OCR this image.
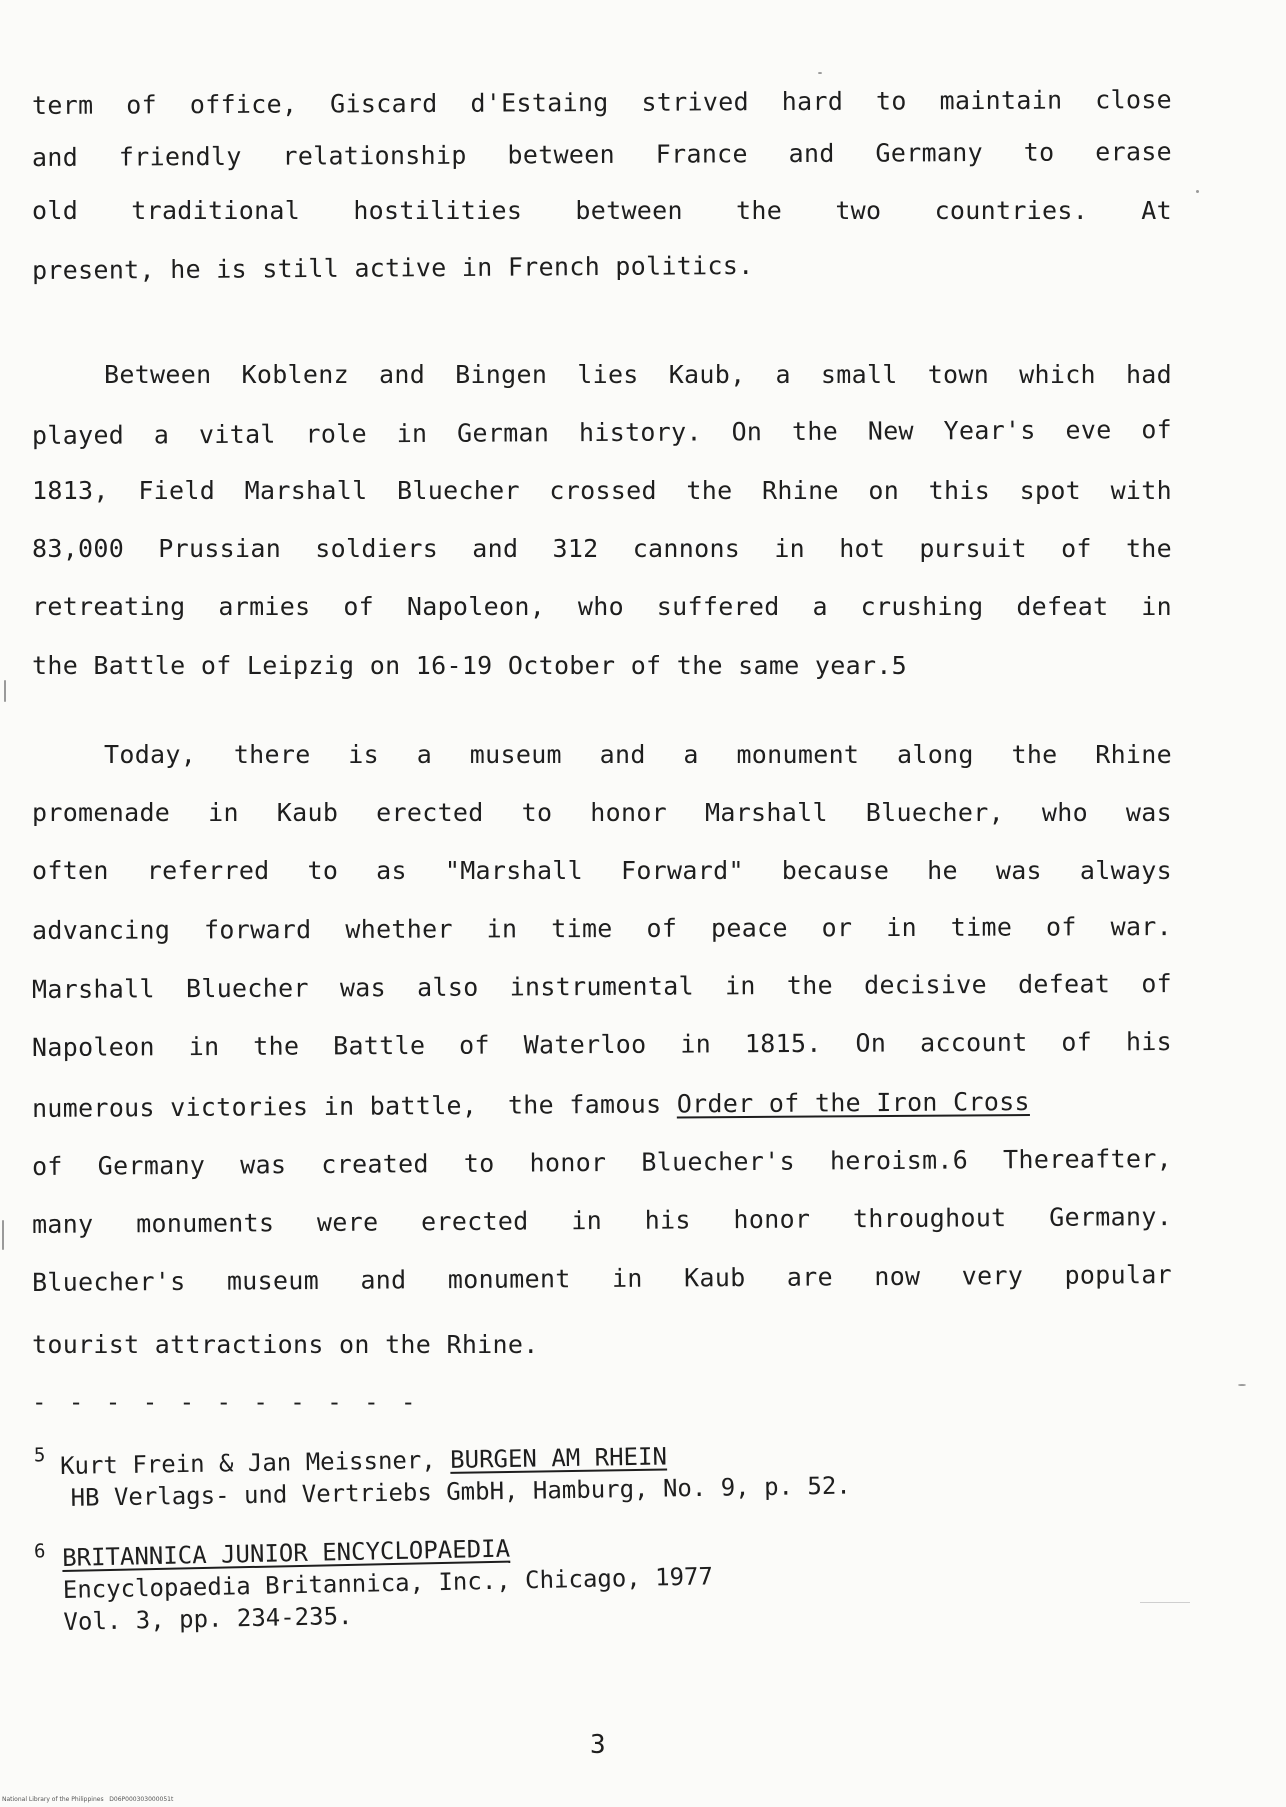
term of office, Giscard d'Estaing strived hard to maintain close
and friendly relationship between France and Germany to erase
old traditional hostilities between the two countries. At
present, he is still active in French politics.
Between Koblenz and Bingen lies Kaub, a small town which had
played a vital role in German history. On the New Year's eve of
1813, Field Marshall Bluecher crossed the Rhine on this spot with
83,000 Prussian soldiers and 312 cannons in hot pursuit of the
retreating armies of Napoleon, who suffered a crushing defeat in
the Battle of Leipzig on 16-19 October of the same year.5
Today, there is a museum and a monument along the Rhine
promenade in Kaub erected to honor Marshall Bluecher, who was
often referred to as "Marshall Forward" because he was always
advancing forward whether in time of peace or in time of war.
Marshall Bluecher was also instrumental in the decisive defeat of
Napoleon in the Battle of Waterloo in 1815. On account of his
numerous victories in battle,  the famous Order of the Iron Cross
of Germany was created to honor Bluecher's heroism.6 Thereafter,
many monuments were erected in his honor throughout Germany.
Bluecher's museum and monument in Kaub are now very popular
tourist attractions on the Rhine.
- - - - - - - - - - -
5 Kurt Frein & Jan Meissner, BURGEN AM RHEIN
HB Verlags- und Vertriebs GmbH, Hamburg, No. 9, p. 52.
6 BRITANNICA JUNIOR ENCYCLOPAEDIA
Encyclopaedia Britannica, Inc., Chicago, 1977
Vol. 3, pp. 234-235.
3
National Library of the Philippines   D06P000303000051t
